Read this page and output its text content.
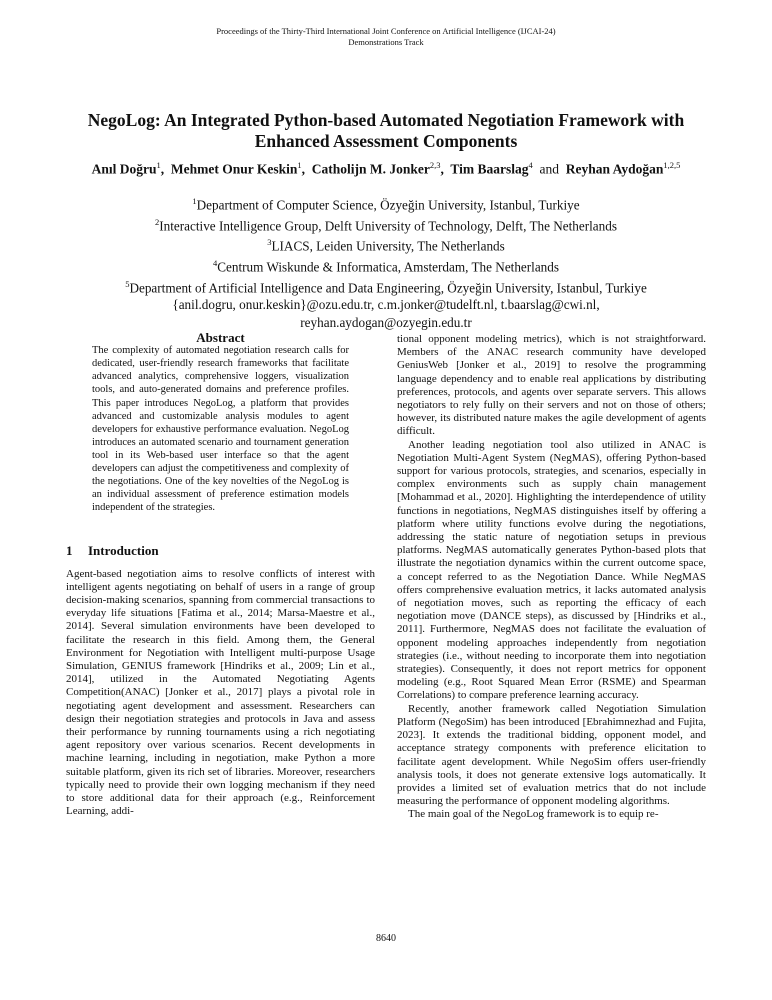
Proceedings of the Thirty-Third International Joint Conference on Artificial Intelligence (IJCAI-24)
Demonstrations Track
NegoLog: An Integrated Python-based Automated Negotiation Framework with
Enhanced Assessment Components
Anıl Doğru$^1$, Mehmet Onur Keskin$^1$, Catholijn M. Jonker$^{2,3}$, Tim Baarslag$^4$ and Reyhan Aydoğan$^{1,2,5}$
$^1$Department of Computer Science, Özyeğin University, Istanbul, Turkiye
$^2$Interactive Intelligence Group, Delft University of Technology, Delft, The Netherlands
$^3$LIACS, Leiden University, The Netherlands
$^4$Centrum Wiskunde & Informatica, Amsterdam, The Netherlands
$^5$Department of Artificial Intelligence and Data Engineering, Özyeğin University, Istanbul, Turkiye
{anil.dogru, onur.keskin}@ozu.edu.tr, c.m.jonker@tudelft.nl, t.baarslag@cwi.nl,
reyhan.aydogan@ozyegin.edu.tr

Abstract

The complexity of automated negotiation research calls for dedicated, user-friendly research frameworks that facilitate advanced analytics, comprehensive loggers, visualization tools, and auto-generated domains and preference profiles. This paper introduces NegoLog, a platform that provides advanced and customizable analysis modules to agent developers for exhaustive performance evaluation. NegoLog introduces an automated scenario and tournament generation tool in its Web-based user interface so that the agent developers can adjust the competitiveness and complexity of the negotiations. One of the key novelties of the NegoLog is an individual assessment of preference estimation models independent of the strategies.

1 Introduction

Agent-based negotiation aims to resolve conflicts of interest with intelligent agents negotiating on behalf of users in a range of group decision-making scenarios, spanning from commercial transactions to everyday life situations [Fatima et al., 2014; Marsa-Maestre et al., 2014]. Several simulation environments have been developed to facilitate the research in this field. Among them, the General Environment for Negotiation with Intelligent multi-purpose Usage Simulation, GENIUS framework [Hindriks et al., 2009; Lin et al., 2014], utilized in the Automated Negotiating Agents Competition(ANAC) [Jonker et al., 2017] plays a pivotal role in negotiating agent development and assessment. Researchers can design their negotiation strategies and protocols in Java and assess their performance by running tournaments using a rich negotiating agent repository over various scenarios. Recent developments in machine learning, including in negotiation, make Python a more suitable platform, given its rich set of libraries. Moreover, researchers typically need to provide their own logging mechanism if they need to store additional data for their approach (e.g., Reinforcement Learning, addi-

tional opponent modeling metrics), which is not straightforward. Members of the ANAC research community have developed GeniusWeb [Jonker et al., 2019] to resolve the programming language dependency and to enable real applications by distributing preferences, protocols, and agents over separate servers. This allows negotiators to rely fully on their servers and not on those of others; however, its distributed nature makes the agile development of agents difficult.

Another leading negotiation tool also utilized in ANAC is Negotiation Multi-Agent System (NegMAS), offering Python-based support for various protocols, strategies, and scenarios, especially in complex environments such as supply chain management [Mohammad et al., 2020]. Highlighting the interdependence of utility functions in negotiations, NegMAS distinguishes itself by offering a platform where utility functions evolve during the negotiations, addressing the static nature of negotiation setups in previous platforms. NegMAS automatically generates Python-based plots that illustrate the negotiation dynamics within the current outcome space, a concept referred to as the Negotiation Dance. While NegMAS offers comprehensive evaluation metrics, it lacks automated analysis of negotiation moves, such as reporting the efficacy of each negotiation move (DANCE steps), as discussed by [Hindriks et al., 2011]. Furthermore, NegMAS does not facilitate the evaluation of opponent modeling approaches independently from negotiation strategies (i.e., without needing to incorporate them into negotiation strategies). Consequently, it does not report metrics for opponent modeling (e.g., Root Squared Mean Error (RSME) and Spearman Correlations) to compare preference learning accuracy.

Recently, another framework called Negotiation Simulation Platform (NegoSim) has been introduced [Ebrahimnezhad and Fujita, 2023]. It extends the traditional bidding, opponent model, and acceptance strategy components with preference elicitation to facilitate agent development. While NegoSim offers user-friendly analysis tools, it does not generate extensive logs automatically. It provides a limited set of evaluation metrics that do not include measuring the performance of opponent modeling algorithms.

The main goal of the NegoLog framework is to equip re-

8640
